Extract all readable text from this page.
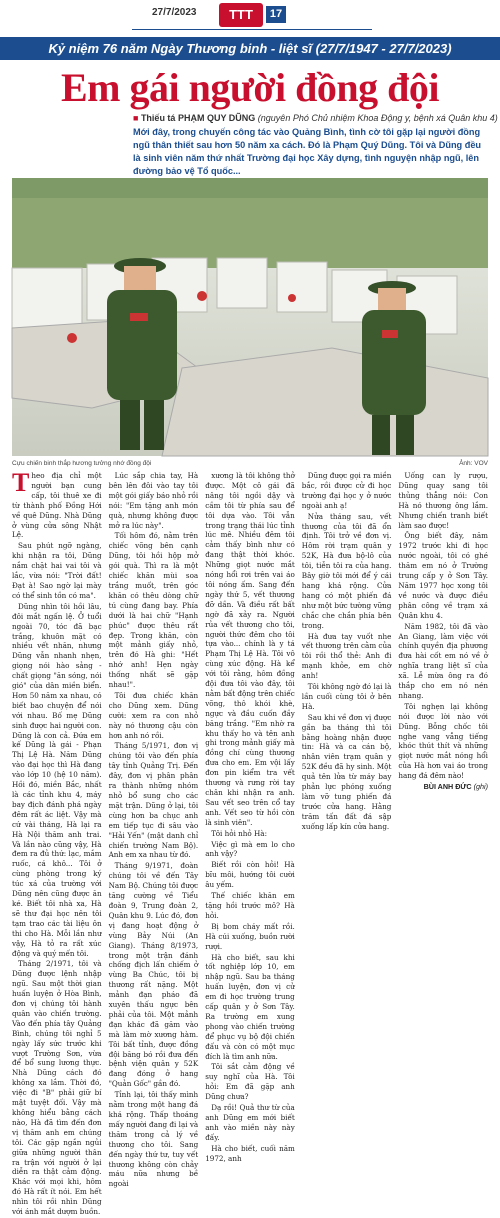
27/7/2023	TTT	17
Kỷ niệm 76 năm Ngày Thương binh - liệt sĩ (27/7/1947 - 27/7/2023)
Em gái người đồng đội
■ Thiếu tá PHẠM QUY DŨNG (nguyên Phó Chủ nhiệm Khoa Động y, bệnh xá Quân khu 4)
Mới đây, trong chuyến công tác vào Quảng Bình, tình cờ tôi gặp lại người đồng ngũ thân thiết sau hơn 50 năm xa cách. Đó là Phạm Quý Dũng. Tôi và Dũng đều là sinh viên năm thứ nhất Trường đại học Xây dựng, tình nguyện nhập ngũ, lên đường bảo vệ Tổ quốc...
Cựu chiến binh thắp hương tưởng nhớ đồng đội	Ảnh: VOV

Theo địa chỉ một người bạn cung cấp, tôi thuê xe đi từ thành phố Đồng Hới về quê Dũng. Nhà Dũng ở vùng cửa sông Nhật Lệ.

Sau phút ngỡ ngàng, khi nhận ra tôi, Dũng nắm chặt hai vai tôi và lắc, vừa nói: "Trời đất! Đạt à! Sao ngờ lại mày có thể sinh tồn có ma".

Dũng nhìn tôi hồi lâu, đôi mắt ngấn lệ. Ở tuổi ngoài 70, tóc đã bạc trắng, khuôn mặt có nhiều vết nhăn, nhưng Dũng vẫn nhanh nhẹn, giọng nói hào sảng - chất giọng "ăn sóng, nói gió" của dân miền biển. Hơn 50 năm xa nhau, có biết bao chuyện để nói với nhau. Bố mẹ Dũng sinh được hai người con. Dũng là con cả. Đứa em kế Dũng là gái - Phạn Thị Lệ Hà. Năm Dũng vào đại học thì Hà đang vào lớp 10 (hệ 10 năm). Hồi đó, miền Bắc, nhất là các tỉnh khu 4, máy bay địch đánh phá ngày đêm rất ác liệt. Vậy mà cứ vài tháng, Hà lại ra Hà Nội thăm anh trai. Và lần nào cũng vậy, Hà đem ra đủ thứ: lạc, mắm ruốc, cá khô... Tôi ở cùng phòng trong ký túc xá của trường với Dũng nên cũng được ăn ké. Biết tôi nhà xa, Hà sẽ thư đại học nên tôi tạm trao các tài liệu ôn thi cho Hà. Mỗi lần như vậy, Hà tỏ ra rất xúc động và quý mến tôi.

Tháng 2/1971, tôi và Dũng được lệnh nhập ngũ. Sau một thời gian huấn luyện ở Hòa Bình, đơn vị chúng tôi hành quân vào chiến trường. Vào đến phía tây Quảng Bình, chúng tôi nghỉ 5 ngày lấy sức trước khi vượt Trường Sơn, vừa để bổ sung lương thực. Nhà Dũng cách đó không xa lắm. Thời đó, việc đi "B" phải giữ bí mật tuyệt đối. Vậy mà không hiểu bằng cách nào, Hà đã tìm đến đơn vị thăm anh em chúng tôi. Các gặp ngắn ngủi giữa những người thân ra trận với người ở lại diễn ra thật cảm động. Khác với mọi khi, hôm đó Hà rất ít nói. Em hết nhìn tôi rồi nhìn Dũng với ánh mắt dượm buồn.

Lúc sắp chia tay, Hà bên lên đôi vào tay tôi một gói giấy báo nhỏ rồi nói: "Em tặng anh món quà, nhưng không được mở ra lúc này".

Tối hôm đó, nằm trên chiếc võng bên cạnh Dũng, tôi hồi hộp mở gói quà. Thì ra là một chiếc khăn mùi soa trắng muốt, trên góc khăn có thêu dòng chữ tú cùng đang bay. Phía dưới là hai chữ "Hạnh phúc" được thêu rất đẹp. Trong khăn, còn một mảnh giấy nhỏ, trên đó Hà ghi: "Hết nhớ anh! Hẹn ngày thống nhất sẽ gặp nhau!".

Tôi đưa chiếc khăn cho Dũng xem. Dũng cười: xem ra con nhỏ này nó thương cậu còn hơn anh nó rồi.

Tháng 5/1971, đơn vị chúng tôi vào đến phía tây tỉnh Quảng Trị. Đến đây, đơn vị phân phân ra thành những nhóm nhỏ bổ sung cho các mặt trận. Dũng ở lại, tôi cùng hơn ba chục anh em tiếp tục đi sâu vào "Hải Yến" (mật danh chỉ chiến trường Nam Bộ). Anh em xa nhau từ đó.

Tháng 9/1971, đoàn chúng tôi về đến Tây Nam Bộ. Chúng tôi được tăng cường về Tiểu đoàn 9, Trung đoàn 2, Quân khu 9. Lúc đó, đơn vị đang hoạt động ở vùng Bảy Núi (An Giang). Tháng 8/1973, trong một trận đánh chống địch lấn chiếm ở vùng Ba Chúc, tôi bị thương rất nặng. Một mảnh đạn pháo đã xuyên thấu ngực bên phải của tôi. Một mảnh đạn khác đã găm vào mà làm mờ xương hàm. Tôi bất tỉnh, được đồng đội băng bó rồi đưa đến bệnh viện quân y 52K đang đóng ở hang "Quản Gốc" gần đó.

Tỉnh lại, tôi thấy mình nằm trong một hang đá khá rộng. Thấp thoáng mấy người đang đi lại và thăm trong cả lý về thương cho tôi. Sang đến ngày thứ tư, tuy vết thương không còn chảy máu nữa nhưng bề ngoài

xương là tôi không thở được. Một cô gái đã nâng tôi ngồi dậy và cầm tôi từ phía sau để tôi dựa vào. Tôi vẫn trong trạng thái lúc tỉnh lúc mê. Nhiều đêm tôi cảm thấy bình như có đang thật thời khóc. Những giọt nước mắt nóng hổi rơi trên vai áo tôi nóng ấm. Sang đến ngày thứ 5, vết thương đỡ dần. Và điều rất bất ngờ đã xảy ra. Người rủa vết thương cho tôi, người thức đêm cho tôi tựa vào... chính là y tá Phạm Thị Lệ Hà. Tôi vô cùng xúc động. Hà kể với tôi rằng, hôm đồng đội đưa tôi vào đây, tôi nằm bất động trên chiếc võng, thô khói khè, ngực và đầu cuốn đầy băng trắng. "Em nhờ ra khu thấy ho và tên anh ghi trong mảnh giấy mà đồng chí cùng thương đưa cho em. Em vội lấy đơn pin kiểm tra vết thương và rưng rời tay chân khi nhận ra anh. Sau vết seo trên cổ tay anh. Vết seo từ hồi còn là sinh viên".

Tôi hỏi nhỏ Hà:

Việc gì mà em lo cho anh vậy?

Biết rồi còn hỏi! Hà bĩu môi, hướng tôi cười âu yếm.

Thế chiếc khăn em tặng hồi trước mô? Hà hỏi.

Bị bom cháy mất rồi. Hà cúi xuống, buồn rười rượi.

Hà cho biết, sau khi tốt nghiệp lớp 10, em nhập ngũ. Sau ba tháng huấn luyện, đơn vị cử em đi học trường trung cấp quân y ở Sơn Tây. Ra trường em xung phong vào chiến trường để phục vụ bộ đội chiến đấu và còn có một mục đích là tìm anh nữa.

Tôi sắt cảm động về suy nghĩ của Hà. Tôi hỏi: Em đã gặp anh Dũng chưa?

Dạ rồi! Quả thư từ của anh Dũng em mới biết anh vào miền này này đấy.

Hà cho biết, cuối năm 1972, anh

Dũng được gọi ra miền bắc, rồi được cử đi học trường đại học y ở nước ngoài anh ạ!

Nửa tháng sau, vết thương của tôi đã ổn định. Tôi trở về đơn vị. Hôm rời trạm quân y 52K, Hà đưa bộ-lô của tôi, tiễn tôi ra của hang. Bây giờ tôi mới để ý cái hang khá rộng. Cửa hang có một phiến đá như một bức tường vững chắc che chắn phía bên trong.

Hà đưa tay vuốt nhe vết thương trên cằm của tôi rồi thổ thẻ: Anh đi mạnh khỏe, em chờ anh!

Tôi không ngờ đó lại là lần cuối cùng tôi ở bên Hà.

Sau khi về đơn vị được gần ba tháng thì tôi bằng hoàng nhận được tin: Hà và ca cán bộ, nhân viên trạm quân y 52K đều đã hy sinh. Một quả tên lửa từ máy bay phản lực phóng xuống làm vỡ tung phiến đá trước cửa hang. Hằng trăm tấn đất đá sập xuống lấp kín cửa hang.

Uống can ly rượu, Dũng quay sang tôi thủng thẳng nói: Con Hà nó thương ông lắm. Nhưng chiến tranh biết làm sao được!

Ông biết đây, năm 1972 trước khi đi học nước ngoài, tôi có ghé thăm em nó ở Trường trung cấp y ở Sơn Tây. Năm 1977 học xong tôi về nước và được điều phân công về trạm xá Quân khu 4.

Năm 1982, tôi đã vào An Giang, làm việc với chính quyền địa phương đưa hài cốt em nó về ở nghĩa trang liệt sĩ của xã. Lễ mừa ông ra đó thắp cho em nó nén nhang.

Tôi nghẹn lại không nói được lời nào với Dũng. Bỗng chốc tôi nghe vang vẳng tiếng khóc thút thít và những giọt nước mắt nóng hổi của Hà hơn vai áo trong hang đá đêm nào!

BÙI ANH ĐỨC (ghi)
